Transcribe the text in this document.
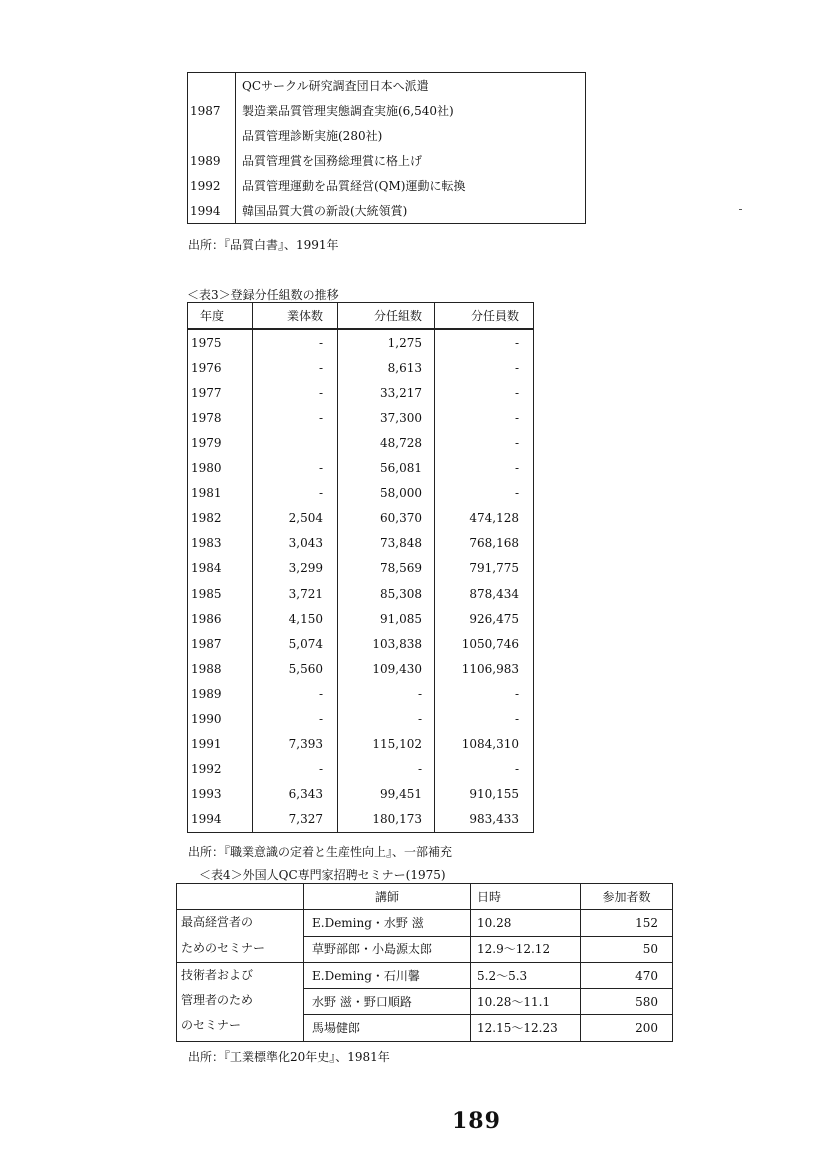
	QCサークル研究調査団日本へ派遣
1987	製造業品質管理実態調査実施(6,540社)
	品質管理診断実施(280社)
1989	品質管理賞を国務総理賞に格上げ
1992	品質管理運動を品質経営(QM)運動に転換
1994	韓国品質大賞の新設(大統領賞)
出所：『品質白書』、1991年
＜表3＞登録分任組数の推移
年度	業体数	分任組数	分任員数
1975	-	1,275	-
1976	-	8,613	-
1977	-	33,217	-
1978	-	37,300	-
1979		48,728	-
1980	-	56,081	-
1981	-	58,000	-
1982	2,504	60,370	474,128
1983	3,043	73,848	768,168
1984	3,299	78,569	791,775
1985	3,721	85,308	878,434
1986	4,150	91,085	926,475
1987	5,074	103,838	1050,746
1988	5,560	109,430	1106,983
1989	-	-	-
1990	-	-	-
1991	7,393	115,102	1084,310
1992	-	-	-
1993	6,343	99,451	910,155
1994	7,327	180,173	983,433
出所：『職業意識の定着と生産性向上』、一部補充
＜表4＞外国人QC専門家招聘セミナー(1975)
	講師	日時	参加者数

最高経営者の
ためのセミナー	E.Deming・水野 滋	10.28	152
	草野部郎・小島源太郎	12.9～12.12	50

技術者および
管理者のため
のセミナー	E.Deming・石川馨	5.2～5.3	470
	水野 滋・野口順路	10.28～11.1	580
	馬場健郎	12.15～12.23	200
出所：『工業標準化20年史』、1981年
189
